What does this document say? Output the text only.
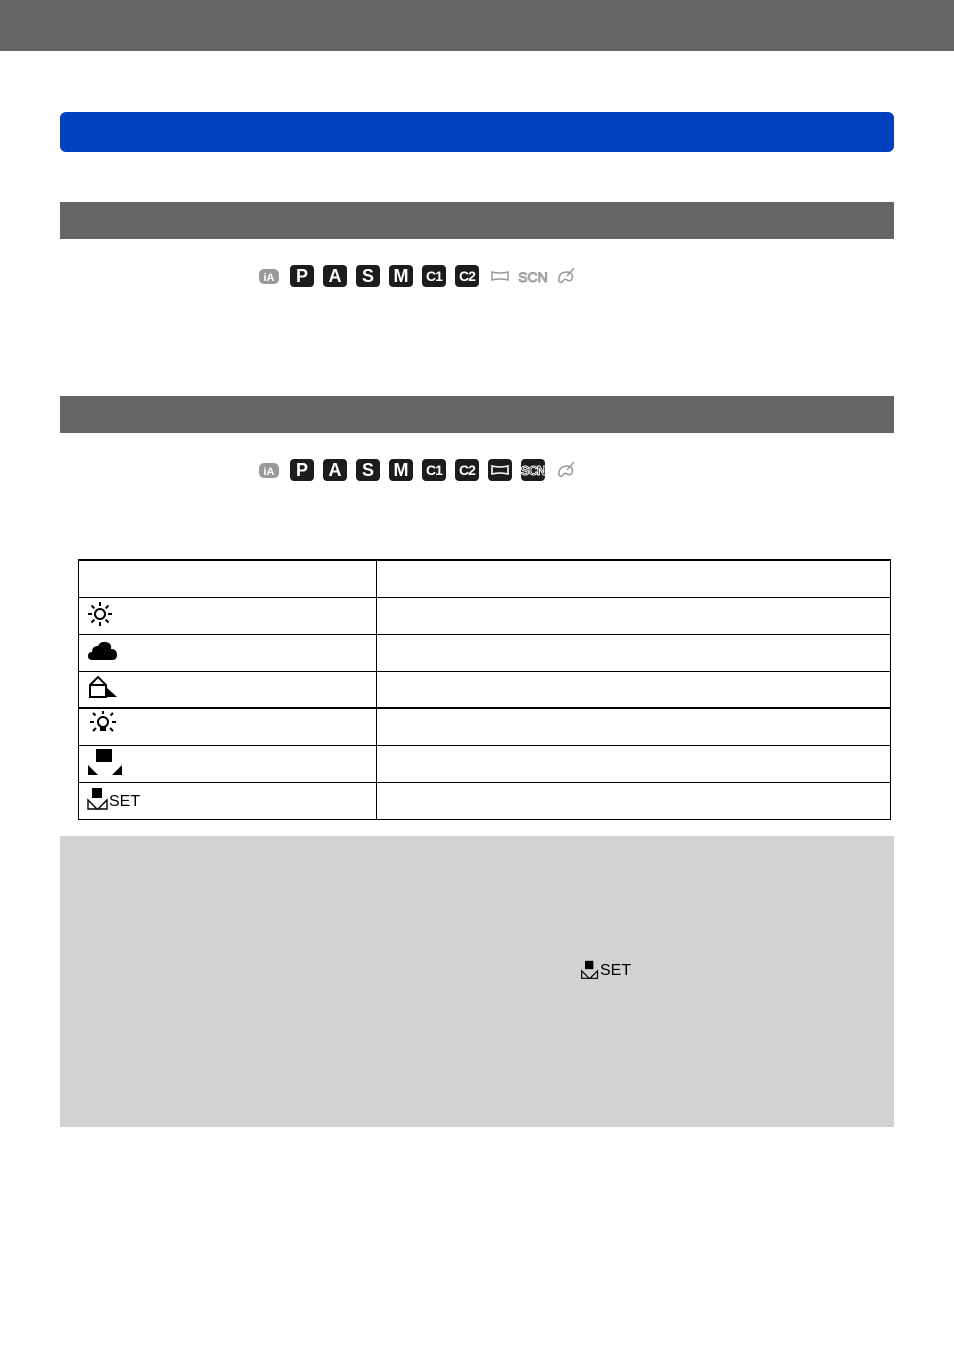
iA	P	A	S	M	C1 C2	SCN
iA	P	A	S	M	C1 C2	SCN

SET	

SET
